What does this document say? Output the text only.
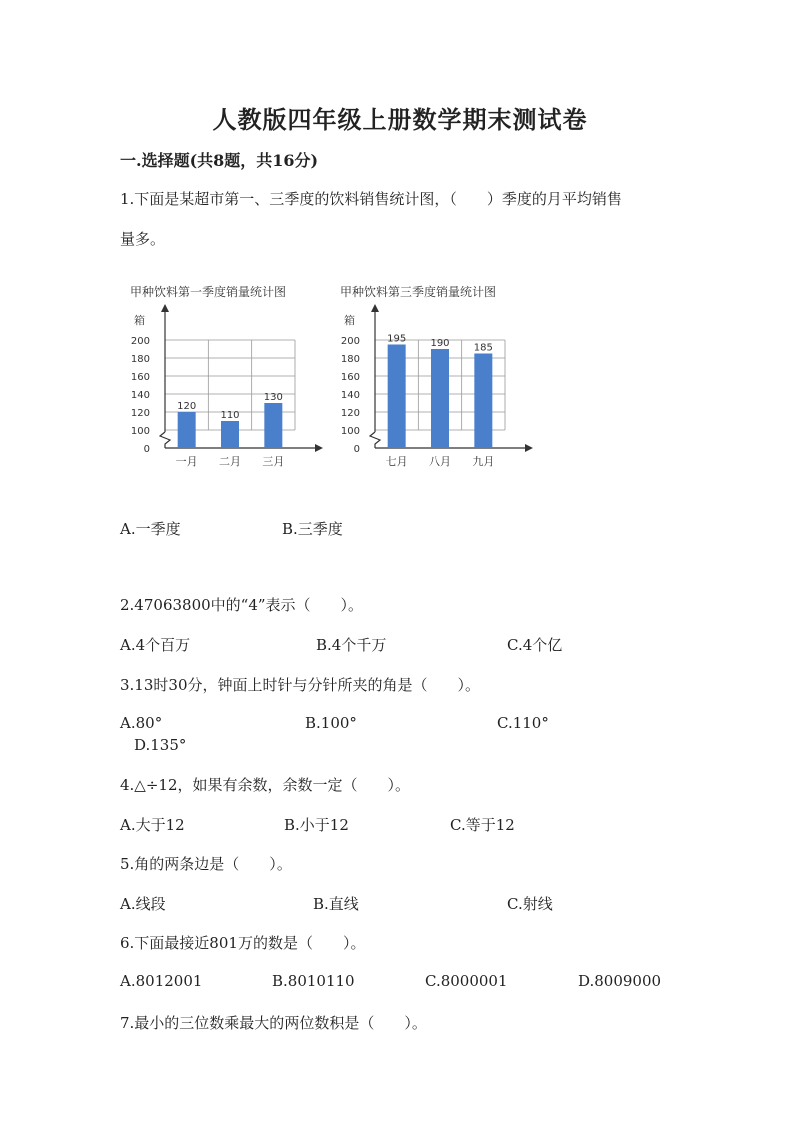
人教版四年级上册数学期末测试卷
一.选择题(共8题，共16分)
1.下面是某超市第一、三季度的饮料销售统计图，（　　）季度的月平均销售
量多。
甲种饮料第一季度销量统计图
箱
0
100
120
140
160
180
200
120
一月
110
二月
130
三月
甲种饮料第三季度销量统计图
箱
0
100
120
140
160
180
200	195
七月
190
八月
185
九月
A.一季度	B.三季度
2.47063800中的“4”表示（　　）。
A.4个百万	B.4个千万	C.4个亿
3.13时30分，钟面上时针与分针所夹的角是（　　）。
A.80°	B.100°	C.110°
D.135°
4.△÷12，如果有余数，余数一定（　　）。
A.大于12	B.小于12	C.等于12
5.角的两条边是（　　）。
A.线段	B.直线	C.射线
6.下面最接近801万的数是（　　）。
A.8012001	B.8010110	C.8000001	D.8009000
7.最小的三位数乘最大的两位数积是（　　）。
